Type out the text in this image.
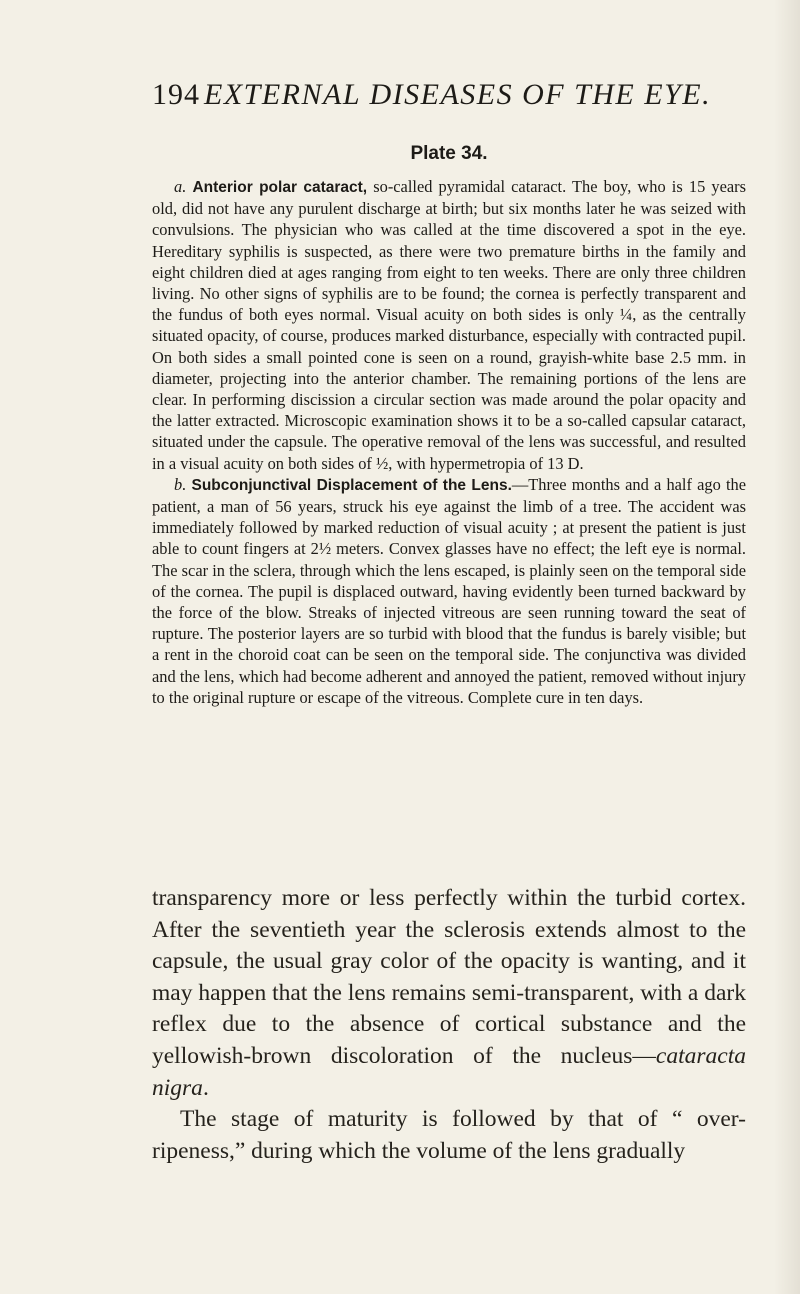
194 EXTERNAL DISEASES OF THE EYE.
Plate 34.

a. Anterior polar cataract, so-called pyramidal cataract. The boy, who is 15 years old, did not have any purulent discharge at birth; but six months later he was seized with convulsions. The physician who was called at the time discovered a spot in the eye. Hereditary syphilis is suspected, as there were two premature births in the family and eight children died at ages ranging from eight to ten weeks. There are only three children living. No other signs of syphilis are to be found; the cornea is perfectly transparent and the fundus of both eyes normal. Visual acuity on both sides is only ¼, as the centrally situated opacity, of course, produces marked disturbance, especially with contracted pupil. On both sides a small pointed cone is seen on a round, grayish-white base 2.5 mm. in diameter, projecting into the anterior chamber. The remaining portions of the lens are clear. In performing discission a circular section was made around the polar opacity and the latter extracted. Microscopic examination shows it to be a so-called capsular cataract, situated under the capsule. The operative removal of the lens was successful, and resulted in a visual acuity on both sides of ½, with hypermetropia of 13 D.

b. Subconjunctival Displacement of the Lens.—Three months and a half ago the patient, a man of 56 years, struck his eye against the limb of a tree. The accident was immediately followed by marked reduction of visual acuity ; at present the patient is just able to count fingers at 2½ meters. Convex glasses have no effect; the left eye is normal. The scar in the sclera, through which the lens escaped, is plainly seen on the temporal side of the cornea. The pupil is displaced outward, having evidently been turned backward by the force of the blow. Streaks of injected vitreous are seen running toward the seat of rupture. The posterior layers are so turbid with blood that the fundus is barely visible; but a rent in the choroid coat can be seen on the temporal side. The conjunctiva was divided and the lens, which had become adherent and annoyed the patient, removed without injury to the original rupture or escape of the vitreous. Complete cure in ten days.

transparency more or less perfectly within the turbid cortex. After the seventieth year the sclerosis extends almost to the capsule, the usual gray color of the opacity is wanting, and it may happen that the lens remains semi-transparent, with a dark reflex due to the absence of cortical substance and the yellowish-brown discoloration of the nucleus—cataracta nigra.

The stage of maturity is followed by that of “ over-ripeness,” during which the volume of the lens gradually
